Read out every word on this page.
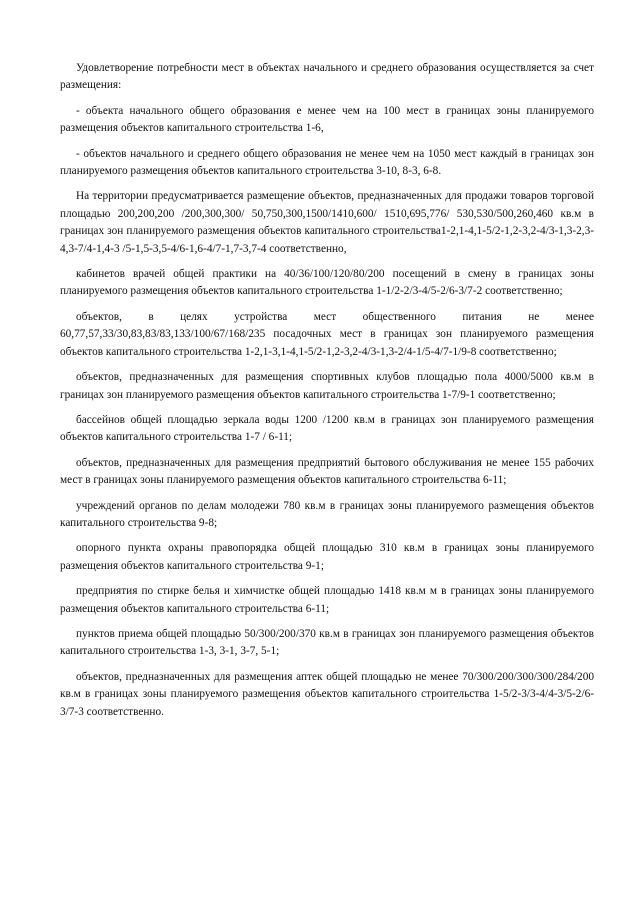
Удовлетворение потребности мест в объектах начального и среднего образования осуществляется за счет размещения:

- объекта начального общего образования е менее чем на 100 мест в границах зоны планируемого размещения объектов капитального строительства 1-6,

- объектов начального и среднего общего образования не менее чем на 1050 мест каждый в границах зон планируемого размещения объектов капитального строительства 3-10, 8-3, 6-8.

На территории предусматривается размещение объектов, предназначенных для продажи товаров торговой площадью 200,200,200 /200,300,300/ 50,750,300,1500/1410,600/ 1510,695,776/ 530,530/500,260,460 кв.м в границах зон планируемого размещения объектов капитального строительства1-2,1-4,1-5/2-1,2-3,2-4/3-1,3-2,3-4,3-7/4-1,4-3 /5-1,5-3,5-4/6-1,6-4/7-1,7-3,7-4 соответственно,

кабинетов врачей общей практики на 40/36/100/120/80/200 посещений в смену в границах зоны планируемого размещения объектов капитального строительства 1-1/2-2/3-4/5-2/6-3/7-2 соответственно;

объектов, в целях устройства мест общественного питания не менее 60,77,57,33/30,83,83/83,133/100/67/168/235 посадочных мест в границах зон планируемого размещения объектов капитального строительства 1-2,1-3,1-4,1-5/2-1,2-3,2-4/3-1,3-2/4-1/5-4/7-1/9-8 соответственно;

объектов, предназначенных для размещения спортивных клубов площадью пола 4000/5000 кв.м в границах зон планируемого размещения объектов капитального строительства 1-7/9-1 соответственно;

бассейнов общей площадью зеркала воды 1200 /1200 кв.м в границах зон планируемого размещения объектов капитального строительства 1-7 / 6-11;

объектов, предназначенных для размещения предприятий бытового обслуживания не менее 155 рабочих мест в границах зоны планируемого размещения объектов капитального строительства 6-11;

учреждений органов по делам молодежи 780 кв.м в границах зоны планируемого размещения объектов капитального строительства 9-8;

опорного пункта охраны правопорядка общей площадью 310 кв.м в границах зоны планируемого размещения объектов капитального строительства 9-1;

предприятия по стирке белья и химчистке общей площадью 1418 кв.м м в границах зоны планируемого размещения объектов капитального строительства 6-11;

пунктов приема общей площадью 50/300/200/370 кв.м в границах зон планируемого размещения объектов капитального строительства 1-3, 3-1, 3-7, 5-1;

объектов, предназначенных для размещения аптек общей площадью не менее 70/300/200/300/300/284/200 кв.м в границах зоны планируемого размещения объектов капитального строительства 1-5/2-3/3-4/4-3/5-2/6-3/7-3 соответственно.
